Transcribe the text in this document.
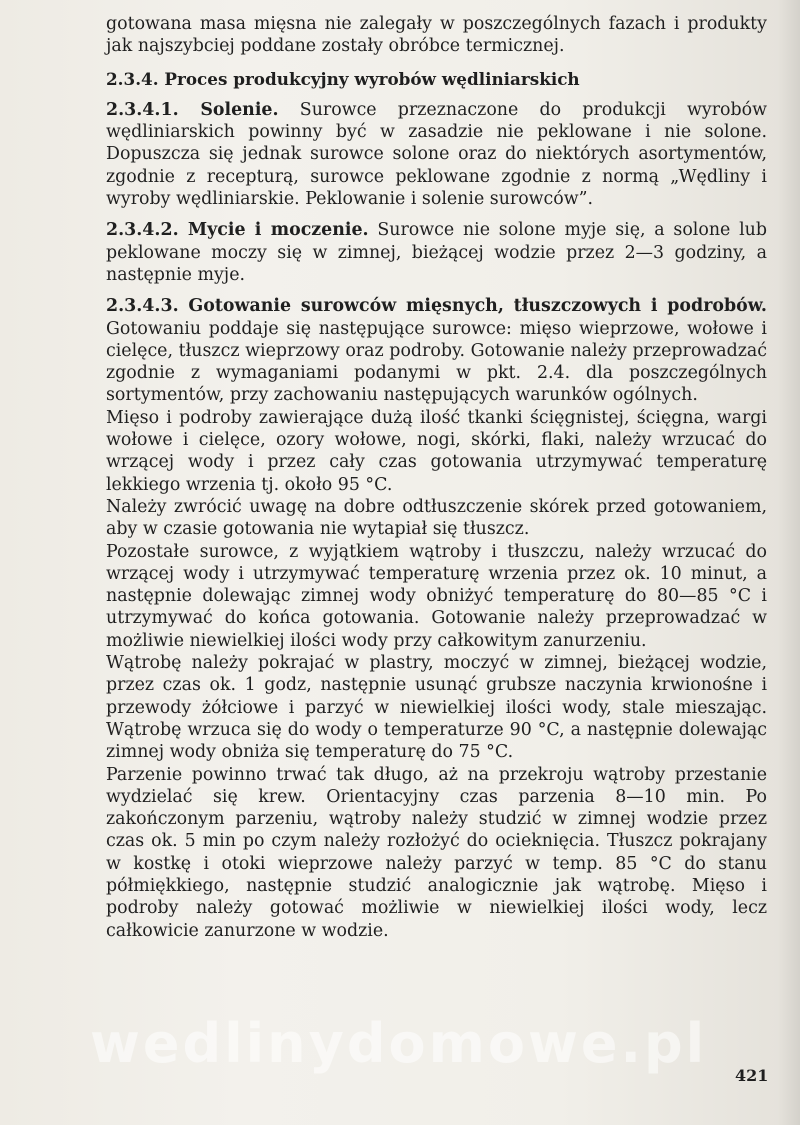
gotowana masa mięsna nie zalegały w poszczególnych fazach i produkty jak najszybciej poddane zostały obróbce termicznej.

2.3.4. Proces produkcyjny wyrobów wędliniarskich

2.3.4.1. Solenie. Surowce przeznaczone do produkcji wyrobów wędliniarskich powinny być w zasadzie nie peklowane i nie solone. Dopuszcza się jednak surowce solone oraz do niektórych asortymentów, zgodnie z recepturą, surowce peklowane zgodnie z normą „Wędliny i wyroby wędliniarskie. Peklowanie i solenie surowców”.

2.3.4.2. Mycie i moczenie. Surowce nie solone myje się, a solone lub peklowane moczy się w zimnej, bieżącej wodzie przez 2—3 godziny, a następnie myje.

2.3.4.3. Gotowanie surowców mięsnych, tłuszczowych i podrobów. Gotowaniu poddaje się następujące surowce: mięso wieprzowe, wołowe i cielęce, tłuszcz wieprzowy oraz podroby. Gotowanie należy przeprowadzać zgodnie z wymaganiami podanymi w pkt. 2.4. dla poszczególnych sortymentów, przy zachowaniu następujących warunków ogólnych.

Mięso i podroby zawierające dużą ilość tkanki ścięgnistej, ścięgna, wargi wołowe i cielęce, ozory wołowe, nogi, skórki, flaki, należy wrzucać do wrzącej wody i przez cały czas gotowania utrzymywać temperaturę lekkiego wrzenia tj. około 95 °C.

Należy zwrócić uwagę na dobre odtłuszczenie skórek przed gotowaniem, aby w czasie gotowania nie wytapiał się tłuszcz.

Pozostałe surowce, z wyjątkiem wątroby i tłuszczu, należy wrzucać do wrzącej wody i utrzymywać temperaturę wrzenia przez ok. 10 minut, a następnie dolewając zimnej wody obniżyć temperaturę do 80—85 °C i utrzymywać do końca gotowania. Gotowanie należy przeprowadzać w możliwie niewielkiej ilości wody przy całkowitym zanurzeniu.

Wątrobę należy pokrajać w plastry, moczyć w zimnej, bieżącej wodzie, przez czas ok. 1 godz, następnie usunąć grubsze naczynia krwionośne i przewody żółciowe i parzyć w niewielkiej ilości wody, stale mieszając. Wątrobę wrzuca się do wody o temperaturze 90 °C, a następnie dolewając zimnej wody obniża się temperaturę do 75 °C.

Parzenie powinno trwać tak długo, aż na przekroju wątroby przestanie wydzielać się krew. Orientacyjny czas parzenia 8—10 min. Po zakończonym parzeniu, wątroby należy studzić w zimnej wodzie przez czas ok. 5 min po czym należy rozłożyć do ocieknięcia. Tłuszcz pokrajany w kostkę i otoki wieprzowe należy parzyć w temp. 85 °C do stanu półmiękkiego, następnie studzić analogicznie jak wątrobę. Mięso i podroby należy gotować możliwie w niewielkiej ilości wody, lecz całkowicie zanurzone w wodzie.

wedlinydomowe.pl
421
